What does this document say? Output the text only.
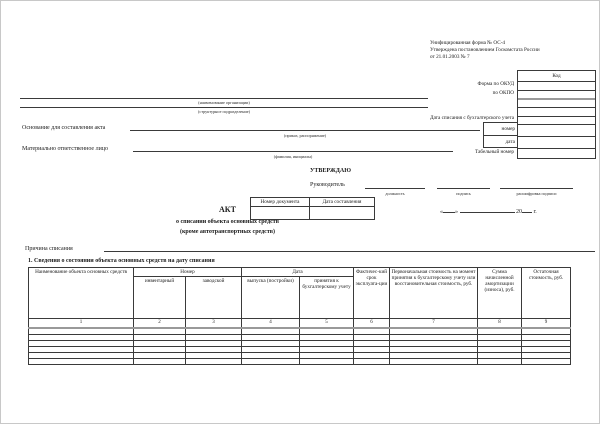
Унифицированная форма № ОС-4
Утверждена постановлением Госкомстата России
от 21.01.2003 № 7
Код
Форма по ОКУД
по ОКПО
Дата списания с бухгалтерского учета
номер
дата
Табельный номер
(наименование организации)
(структурное подразделение)
Основание для составления акта
(приказ, распоряжение)
Материально ответственное лицо
(фамилия, инициалы)
УТВЕРЖДАЮ
Руководитель
должность	подпись	расшифровка подписи
« »	20 г.
Номер документа	Дата составления

АКТ
о списании объекта основных средств
(кроме автотранспортных средств)
Причина списания
1. Сведения о состоянии объекта основных средств на дату списания
Наименование объекта основных средств	Номер		Дата		Фактичес-кий срок эксплуата-ции	Первоначальная стоимость на момент принятия к бухгалтерскому учету или восстановительная стоимость, руб.	Сумма начисленной амортизации (износа), руб.	Остаточная стоимость, руб.
	инвентарный	заводской	выпуска (постройки)	принятия к бухгалтерскому учету				
1	2	3	4	5	6	7	8	9
